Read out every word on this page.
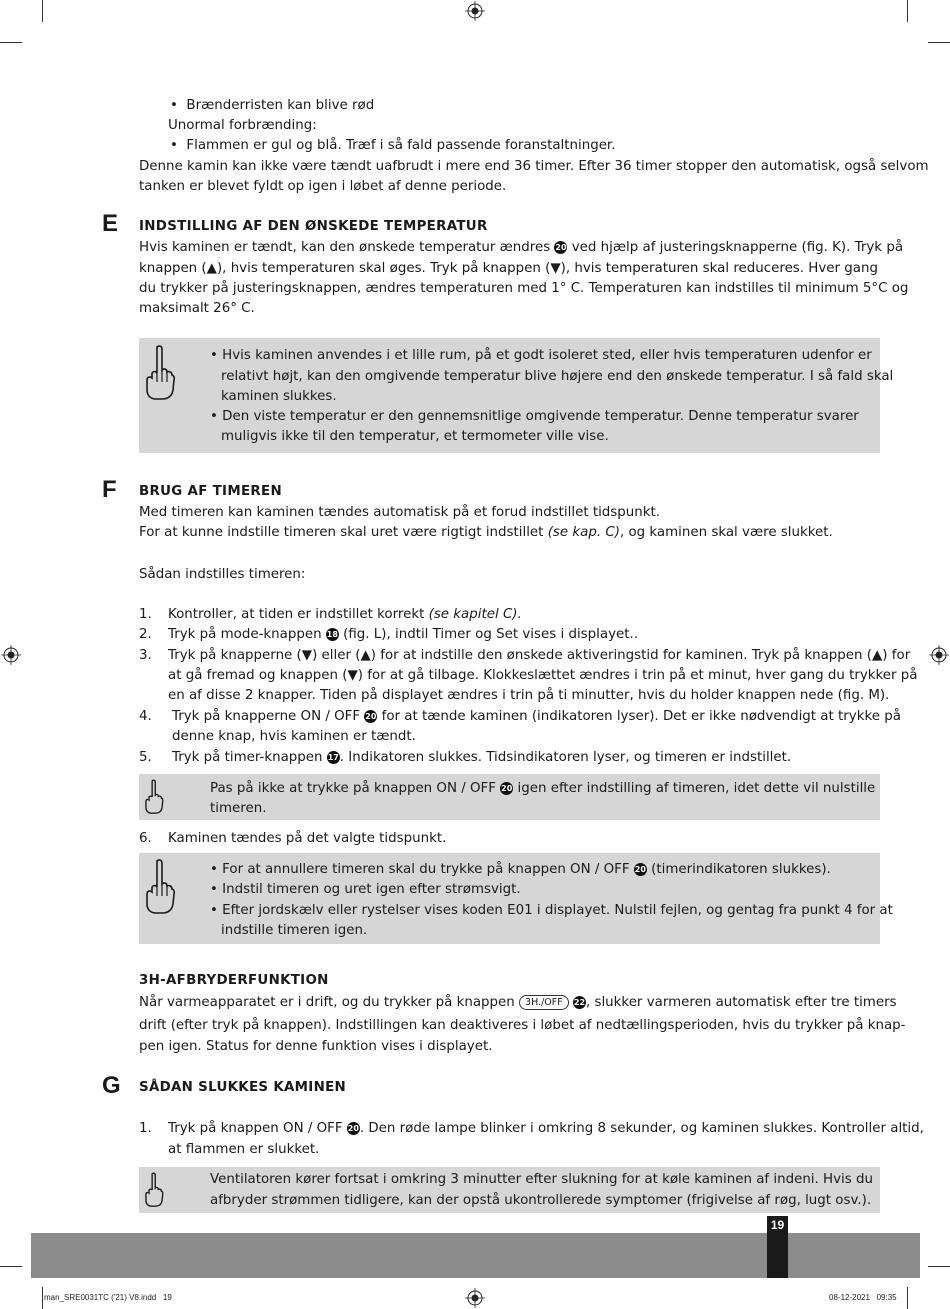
•  Brænderristen kan blive rød
Unormal forbrænding:
•  Flammen er gul og blå. Træf i så fald passende foranstaltninger.
Denne kamin kan ikke være tændt uafbrudt i mere end 36 timer. Efter 36 timer stopper den automatisk, også selvom
tanken er blevet fyldt op igen i løbet af denne periode.
E INDSTILLING AF DEN ØNSKEDE TEMPERATUR
Hvis kaminen er tændt, kan den ønskede temperatur ændres 20 ved hjælp af justeringsknapperne (fig. K). Tryk på
knappen (▲), hvis temperaturen skal øges. Tryk på knappen (▼), hvis temperaturen skal reduceres. Hver gang
du trykker på justeringsknappen, ændres temperaturen med 1° C. Temperaturen kan indstilles til minimum 5°C og
maksimalt 26° C.
• Hvis kaminen anvendes i et lille rum, på et godt isoleret sted, eller hvis temperaturen udenfor er
relativt højt, kan den omgivende temperatur blive højere end den ønskede temperatur. I så fald skal
kaminen slukkes.
• Den viste temperatur er den gennemsnitlige omgivende temperatur. Denne temperatur svarer
muligvis ikke til den temperatur, et termometer ville vise.
F BRUG AF TIMEREN
Med timeren kan kaminen tændes automatisk på et forud indstillet tidspunkt.
For at kunne indstille timeren skal uret være rigtigt indstillet (se kap. C), og kaminen skal være slukket.
Sådan indstilles timeren:
1. Kontroller, at tiden er indstillet korrekt (se kapitel C).
2. Tryk på mode-knappen 18 (fig. L), indtil Timer og Set vises i displayet..
3. Tryk på knapperne (▼) eller (▲) for at indstille den ønskede aktiveringstid for kaminen. Tryk på knappen (▲) for
at gå fremad og knappen (▼) for at gå tilbage. Klokkeslættet ændres i trin på et minut, hver gang du trykker på
en af disse 2 knapper. Tiden på displayet ændres i trin på ti minutter, hvis du holder knappen nede (fig. M).
4. Tryk på knapperne ON / OFF 20 for at tænde kaminen (indikatoren lyser). Det er ikke nødvendigt at trykke på
denne knap, hvis kaminen er tændt.
5. Tryk på timer-knappen 17. Indikatoren slukkes. Tidsindikatoren lyser, og timeren er indstillet.
Pas på ikke at trykke på knappen ON / OFF 20 igen efter indstilling af timeren, idet dette vil nulstille
timeren.
6. Kaminen tændes på det valgte tidspunkt.
• For at annullere timeren skal du trykke på knappen ON / OFF 20 (timerindikatoren slukkes).
• Indstil timeren og uret igen efter strømsvigt.
• Efter jordskælv eller rystelser vises koden E01 i displayet. Nulstil fejlen, og gentag fra punkt 4 for at
indstille timeren igen.
3H-AFBRYDERFUNKTION
Når varmeapparatet er i drift, og du trykker på knappen 3H./OFF 22, slukker varmeren automatisk efter tre timers
drift (efter tryk på knappen). Indstillingen kan deaktiveres i løbet af nedtællingsperioden, hvis du trykker på knap-
pen igen. Status for denne funktion vises i displayet.
G SÅDAN SLUKKES KAMINEN
1. Tryk på knappen ON / OFF 20. Den røde lampe blinker i omkring 8 sekunder, og kaminen slukkes. Kontroller altid,
at flammen er slukket.
Ventilatoren kører fortsat i omkring 3 minutter efter slukning for at køle kaminen af indeni. Hvis du
afbryder strømmen tidligere, kan der opstå ukontrollerede symptomer (frigivelse af røg, lugt osv.).
19
man_SRE0031TC ('21) V8.indd   19	08-12-2021   09:35
